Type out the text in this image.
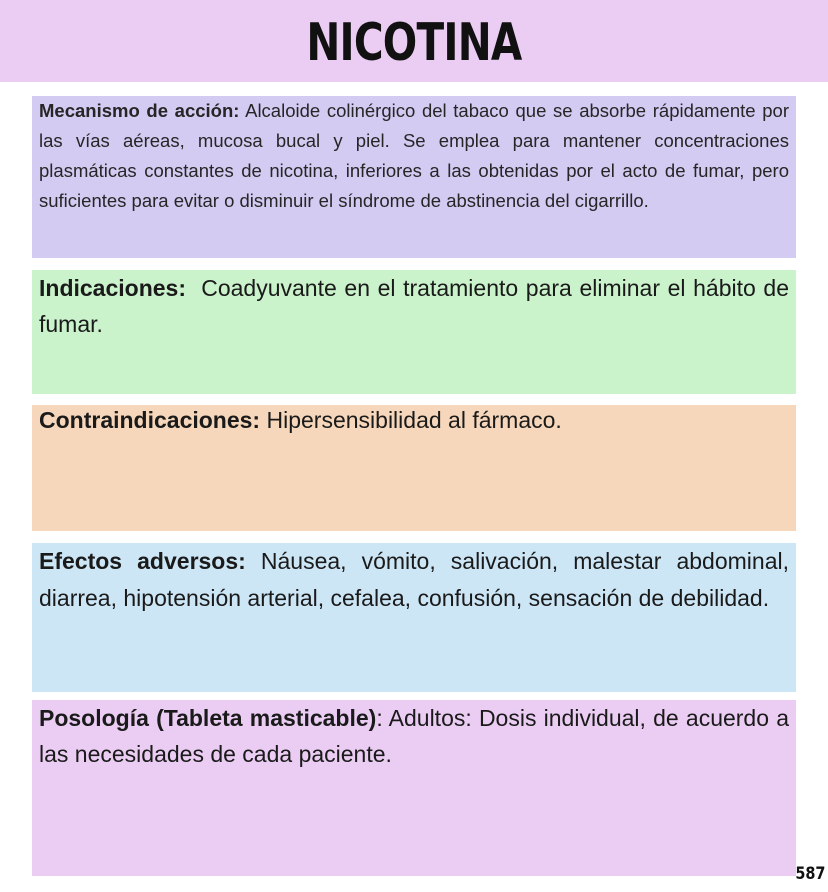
NICOTINA

Mecanismo de acción: Alcaloide colinérgico del tabaco que se absorbe rápidamente por las vías aéreas, mucosa bucal y piel. Se emplea para mantener concentraciones plasmáticas constantes de nicotina, inferiores a las obtenidas por el acto de fumar, pero suficientes para evitar o disminuir el síndrome de abstinencia del cigarrillo.

Indicaciones: Coadyuvante en el tratamiento para eliminar el hábito de fumar.

Contraindicaciones: Hipersensibilidad al fármaco.

Efectos adversos: Náusea, vómito, salivación, malestar abdominal, diarrea, hipotensión arterial, cefalea, confusión, sensación de debilidad.

Posología (Tableta masticable): Adultos: Dosis individual, de acuerdo a las necesidades de cada paciente.

587
